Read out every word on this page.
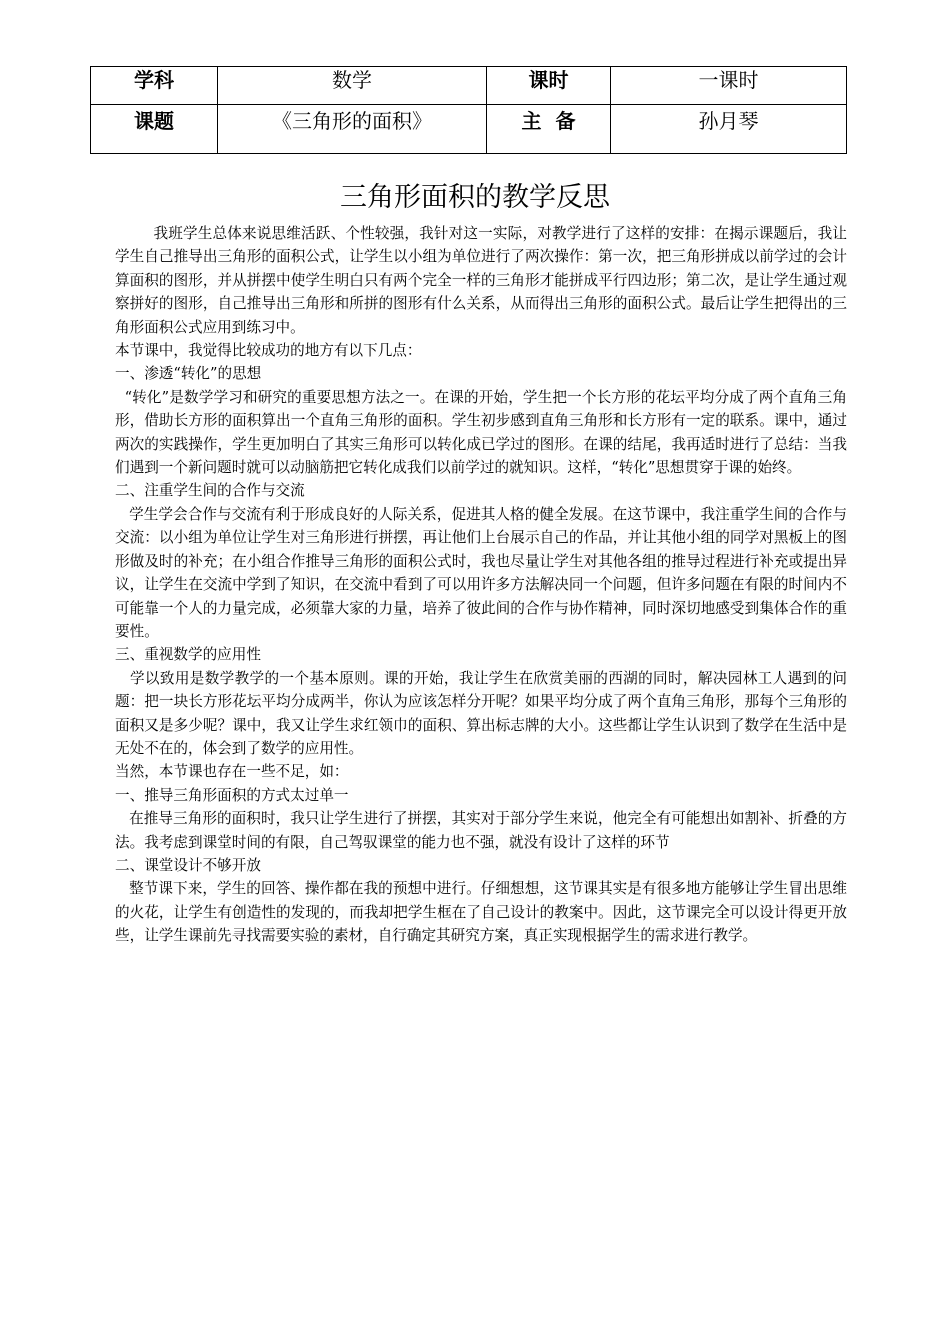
学科	数学	课时	一课时
课题	《三角形的面积》	主  备	孙月琴
三角形面积的教学反思

我班学生总体来说思维活跃、个性较强，我针对这一实际，对教学进行了这样的安排：在揭示课题后，我让学生自己推导出三角形的面积公式，让学生以小组为单位进行了两次操作：第一次，把三角形拼成以前学过的会计算面积的图形，并从拼摆中使学生明白只有两个完全一样的三角形才能拼成平行四边形；第二次，是让学生通过观察拼好的图形，自己推导出三角形和所拼的图形有什么关系，从而得出三角形的面积公式。最后让学生把得出的三角形面积公式应用到练习中。

本节课中，我觉得比较成功的地方有以下几点：

一、渗透“转化”的思想

“转化”是数学学习和研究的重要思想方法之一。在课的开始，学生把一个长方形的花坛平均分成了两个直角三角形，借助长方形的面积算出一个直角三角形的面积。学生初步感到直角三角形和长方形有一定的联系。课中，通过两次的实践操作，学生更加明白了其实三角形可以转化成已学过的图形。在课的结尾，我再适时进行了总结：当我们遇到一个新问题时就可以动脑筋把它转化成我们以前学过的就知识。这样，“转化”思想贯穿于课的始终。

二、注重学生间的合作与交流

学生学会合作与交流有利于形成良好的人际关系，促进其人格的健全发展。在这节课中，我注重学生间的合作与交流：以小组为单位让学生对三角形进行拼摆，再让他们上台展示自己的作品，并让其他小组的同学对黑板上的图形做及时的补充；在小组合作推导三角形的面积公式时，我也尽量让学生对其他各组的推导过程进行补充或提出异议，让学生在交流中学到了知识，在交流中看到了可以用许多方法解决同一个问题，但许多问题在有限的时间内不可能靠一个人的力量完成，必须靠大家的力量，培养了彼此间的合作与协作精神，同时深切地感受到集体合作的重要性。

三、重视数学的应用性

学以致用是数学教学的一个基本原则。课的开始，我让学生在欣赏美丽的西湖的同时，解决园林工人遇到的问题：把一块长方形花坛平均分成两半，你认为应该怎样分开呢？如果平均分成了两个直角三角形，那每个三角形的面积又是多少呢？课中，我又让学生求红领巾的面积、算出标志牌的大小。这些都让学生认识到了数学在生活中是无处不在的，体会到了数学的应用性。

当然，本节课也存在一些不足，如：

一、推导三角形面积的方式太过单一

在推导三角形的面积时，我只让学生进行了拼摆，其实对于部分学生来说，他完全有可能想出如割补、折叠的方法。我考虑到课堂时间的有限，自己驾驭课堂的能力也不强，就没有设计了这样的环节

二、课堂设计不够开放

整节课下来，学生的回答、操作都在我的预想中进行。仔细想想，这节课其实是有很多地方能够让学生冒出思维的火花，让学生有创造性的发现的，而我却把学生框在了自己设计的教案中。因此，这节课完全可以设计得更开放些，让学生课前先寻找需要实验的素材，自行确定其研究方案，真正实现根据学生的需求进行教学。
